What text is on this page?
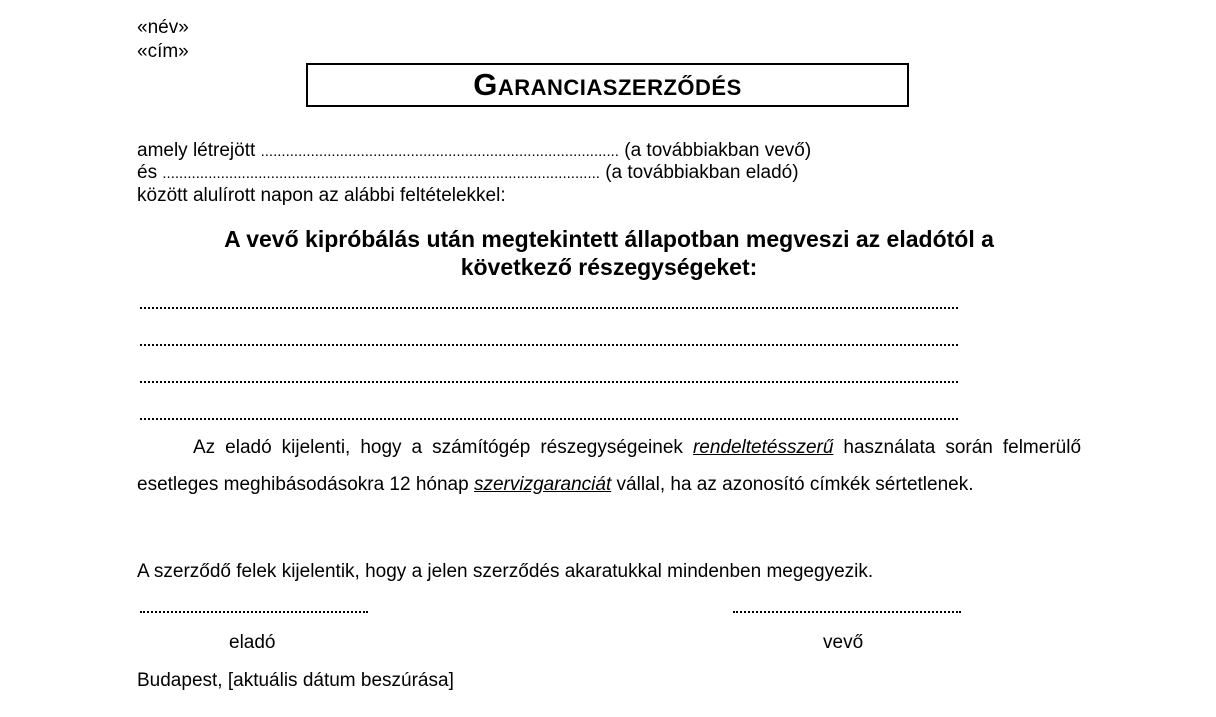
«név»
«cím»
Garanciaszerződés
amely létrejött ...................................................................................... (a továbbiakban vevő)
és ......................................................................................................... (a továbbiakban eladó)
között alulírott napon az alábbi feltételekkel:
A vevő kipróbálás után megtekintett állapotban megveszi az eladótól a
következő részegységeket:
Az eladó kijelenti, hogy a számítógép részegységeinek rendeltetésszerű használata során felmerülő esetleges meghibásodásokra 12 hónap szervizgaranciát vállal, ha az azonosító címkék sértetlenek.
A szerződő felek kijelentik, hogy a jelen szerződés akaratukkal mindenben megegyezik.
eladó	vevő
Budapest, [aktuális dátum beszúrása]
